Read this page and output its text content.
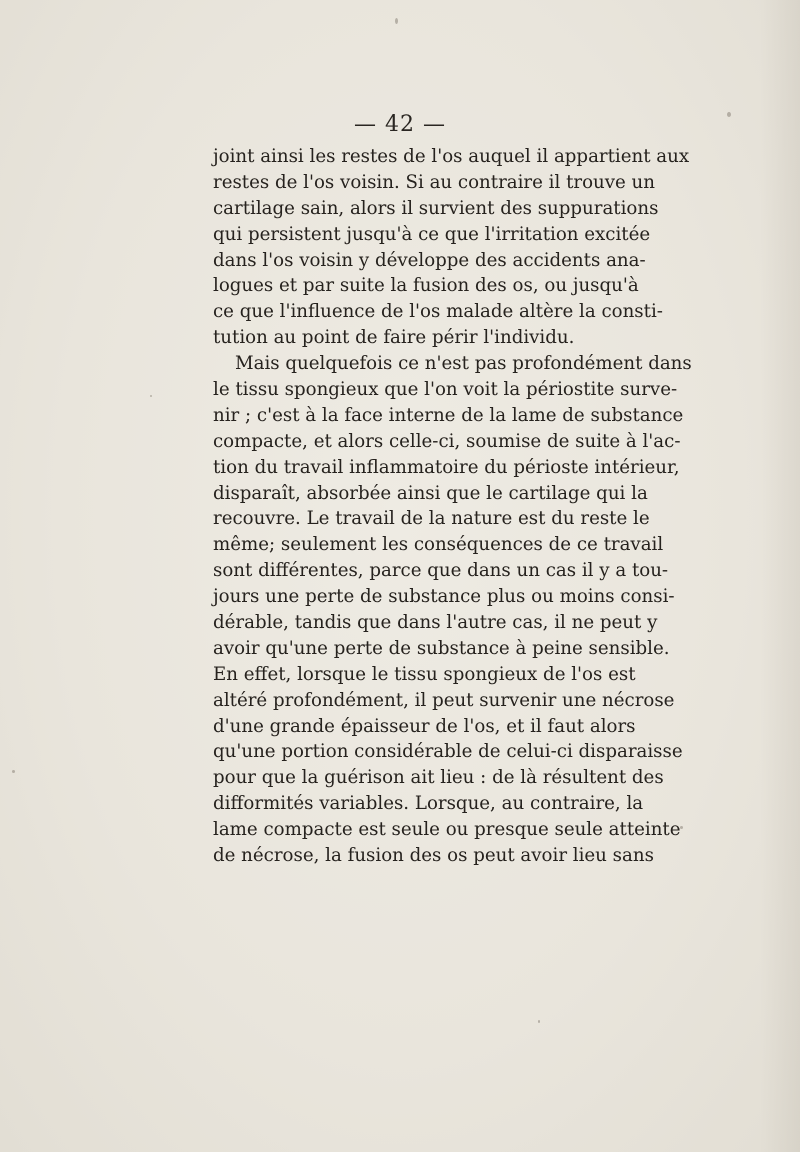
— 42 —
joint ainsi les restes de l'os auquel il appartient aux
restes de l'os voisin. Si au contraire il trouve un
cartilage sain, alors il survient des suppurations
qui persistent jusqu'à ce que l'irritation excitée
dans l'os voisin y développe des accidents ana-
logues et par suite la fusion des os, ou jusqu'à
ce que l'influence de l'os malade altère la consti-
tution au point de faire périr l'individu.
Mais quelquefois ce n'est pas profondément dans
le tissu spongieux que l'on voit la périostite surve-
nir ; c'est à la face interne de la lame de substance
compacte, et alors celle-ci, soumise de suite à l'ac-
tion du travail inflammatoire du périoste intérieur,
disparaît, absorbée ainsi que le cartilage qui la
recouvre. Le travail de la nature est du reste le
même; seulement les conséquences de ce travail
sont différentes, parce que dans un cas il y a tou-
jours une perte de substance plus ou moins consi-
dérable, tandis que dans l'autre cas, il ne peut y
avoir qu'une perte de substance à peine sensible.
En effet, lorsque le tissu spongieux de l'os est
altéré profondément, il peut survenir une nécrose
d'une grande épaisseur de l'os, et il faut alors
qu'une portion considérable de celui-ci disparaisse
pour que la guérison ait lieu : de là résultent des
difformités variables. Lorsque, au contraire, la
lame compacte est seule ou presque seule atteinte
de nécrose, la fusion des os peut avoir lieu sans
